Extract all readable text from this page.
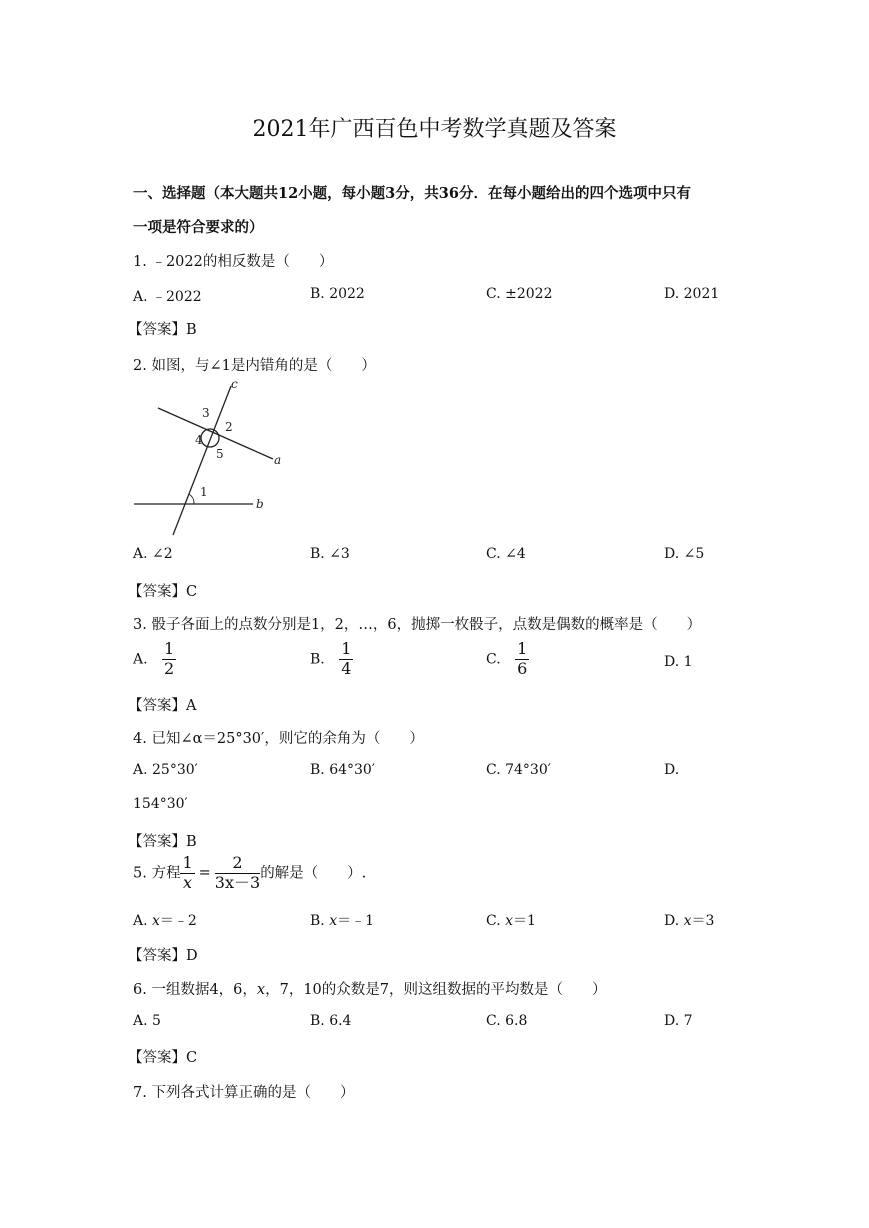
2021年广西百色中考数学真题及答案
一、选择题（本大题共12小题，每小题3分，共36分．在每小题给出的四个选项中只有
一项是符合要求的）
1. ﹣2022的相反数是（　　）
A. ﹣2022	B. 2022	C. ±2022	D. 2021
【答案】B
2. 如图，与∠1是内错角的是（　　）
c
3
2
4
5	a
1
b
A. ∠2	B. ∠3	C. ∠4	D. ∠5
【答案】C
3. 骰子各面上的点数分别是1，2，…，6，抛掷一枚骰子，点数是偶数的概率是（　　）
A. $\frac{1}{2}$	B. $\frac{1}{4}$	C. $\frac{1}{6}$	D. 1
【答案】A
4. 已知∠α＝25°30′，则它的余角为（　　）
A. 25°30′	B. 64°30′	C. 74°30′	D.
154°30′
【答案】B
5. 方程 $\frac{1}{x} = \frac{2}{3x-3}$ 的解是（　　）.
A. x＝﹣2	B. x＝﹣1	C. x＝1	D. x＝3
【答案】D
6. 一组数据4，6，x，7，10的众数是7，则这组数据的平均数是（　　）
A. 5	B. 6.4	C. 6.8	D. 7
【答案】C
7. 下列各式计算正确的是（　　）
